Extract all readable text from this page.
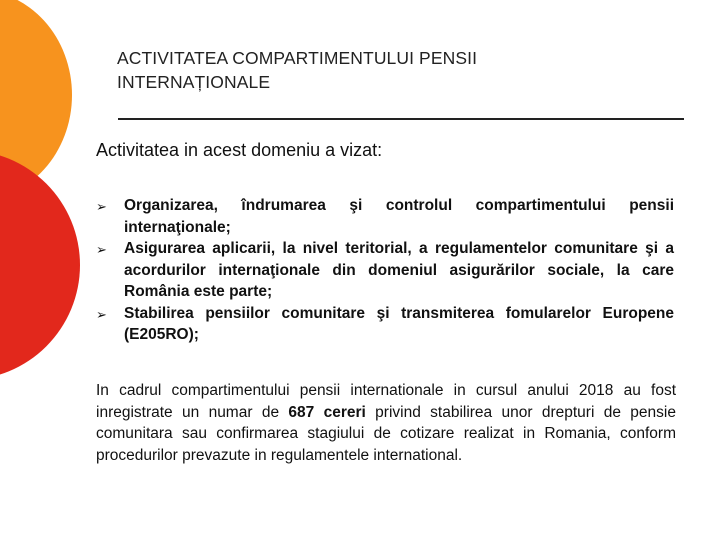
ACTIVITATEA COMPARTIMENTULUI PENSII
INTERNAȚIONALE
Activitatea in acest domeniu a vizat:
➢ Organizarea, îndrumarea şi controlul compartimentului pensii internaţionale;
➢ Asigurarea aplicarii, la nivel teritorial, a regulamentelor comunitare şi a acordurilor internaţionale din domeniul asigurărilor sociale, la care România este parte;
➢ Stabilirea pensiilor comunitare şi transmiterea fomularelor Europene (E205RO);

In cadrul compartimentului pensii internationale in cursul anului 2018 au fost inregistrate un numar de 687 cereri privind stabilirea unor drepturi de pensie comunitara sau confirmarea stagiului de cotizare realizat in Romania, conform procedurilor prevazute in regulamentele international.
